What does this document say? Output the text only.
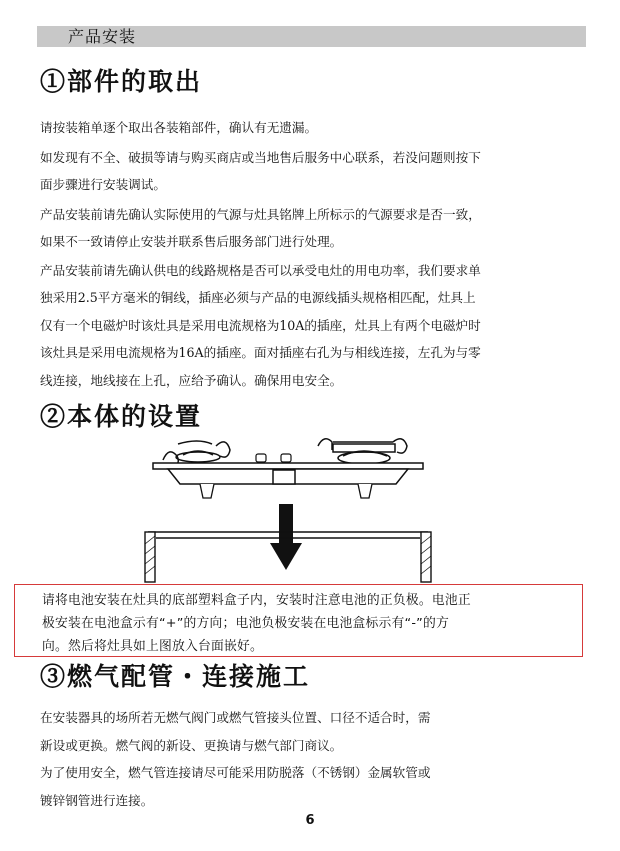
产品安装
①部件的取出
请按装箱单逐个取出各装箱部件，确认有无遗漏。
如发现有不全、破损等请与购买商店或当地售后服务中心联系，若没问题则按下
面步骤进行安装调试。
产品安装前请先确认实际使用的气源与灶具铭牌上所标示的气源要求是否一致，
如果不一致请停止安装并联系售后服务部门进行处理。
产品安装前请先确认供电的线路规格是否可以承受电灶的用电功率，我们要求单
独采用2.5平方毫米的铜线，插座必须与产品的电源线插头规格相匹配，灶具上
仅有一个电磁炉时该灶具是采用电流规格为10A的插座，灶具上有两个电磁炉时
该灶具是采用电流规格为16A的插座。面对插座右孔为与相线连接，左孔为与零
线连接，地线接在上孔，应给予确认。确保用电安全。
②本体的设置
请将电池安装在灶具的底部塑料盒子内，安装时注意电池的正负极。电池正
极安装在电池盒示有“+”的方向；电池负极安装在电池盒标示有“-”的方
向。然后将灶具如上图放入台面嵌好。
③燃气配管・连接施工
在安装器具的场所若无燃气阀门或燃气管接头位置、口径不适合时，需
新设或更换。燃气阀的新设、更换请与燃气部门商议。
为了使用安全，燃气管连接请尽可能采用防脱落（不锈钢）金属软管或
镀锌钢管进行连接。
6
